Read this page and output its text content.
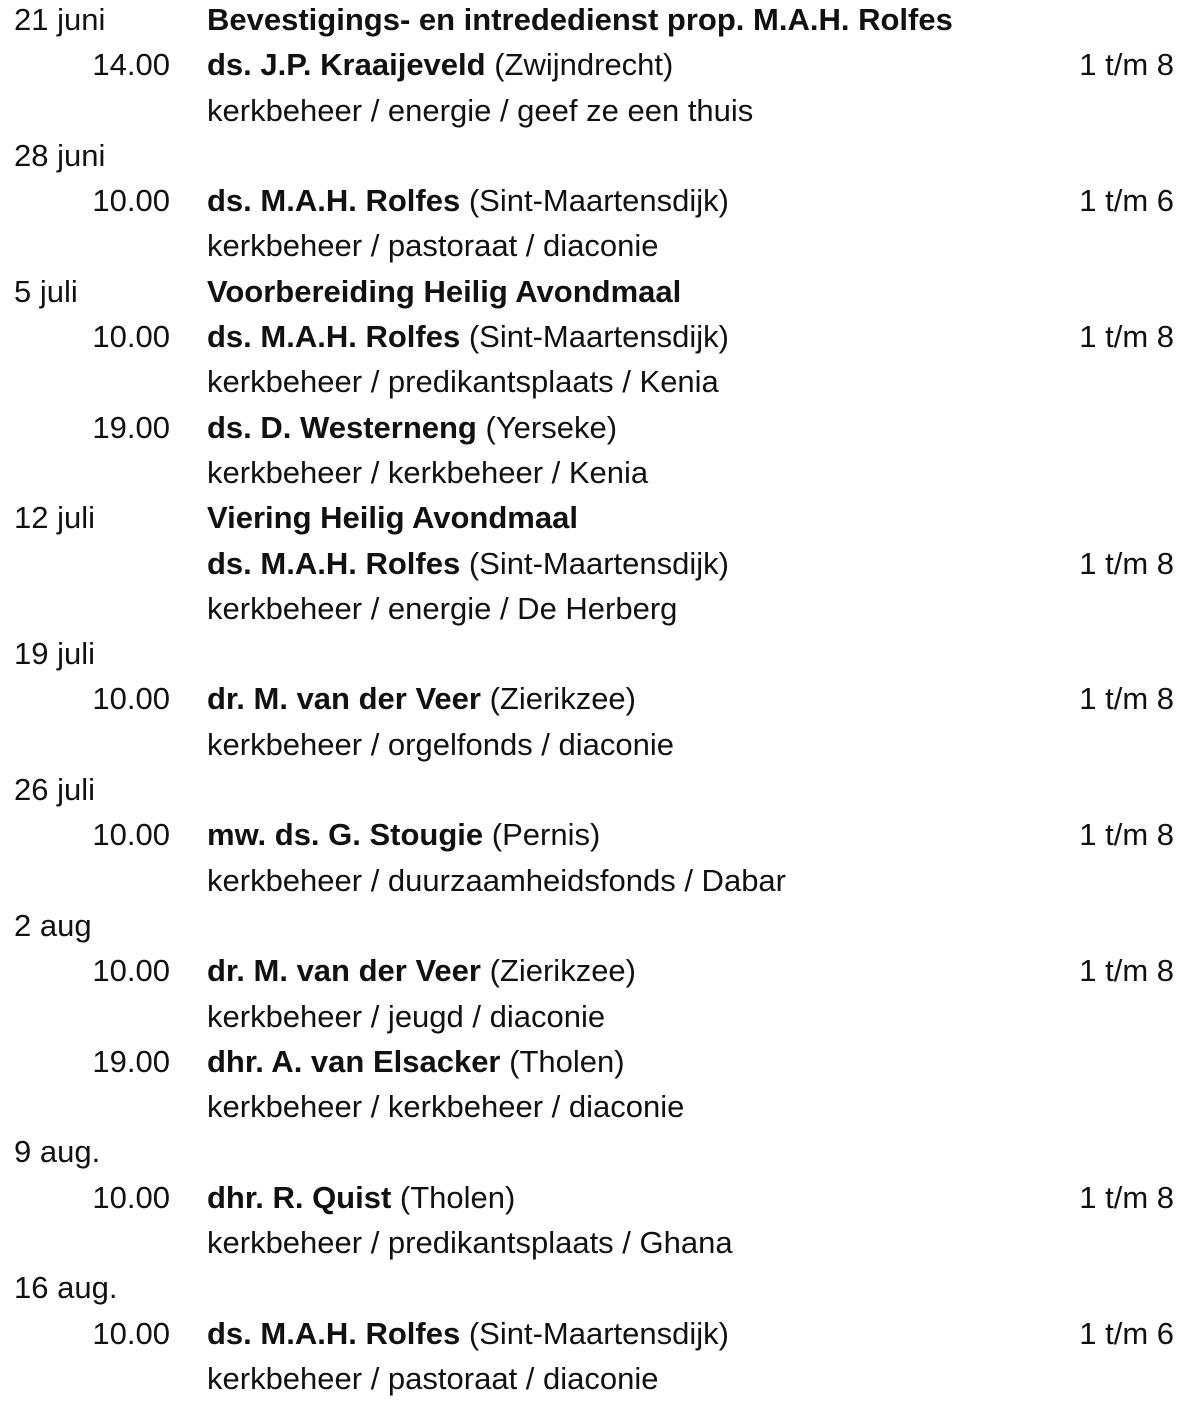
21 juni	Bevestigings- en intrededienst prop. M.A.H. Rolfes
14.00 ds. J.P. Kraaijeveld (Zwijndrecht)	1 t/m 8
kerkbeheer / energie / geef ze een thuis
28 juni
10.00 ds. M.A.H. Rolfes (Sint-Maartensdijk)	1 t/m 6
kerkbeheer / pastoraat / diaconie
5 juli	Voorbereiding Heilig Avondmaal
10.00 ds. M.A.H. Rolfes (Sint-Maartensdijk)	1 t/m 8
kerkbeheer / predikantsplaats / Kenia
19.00 ds. D. Westerneng (Yerseke)
kerkbeheer / kerkbeheer / Kenia
12 juli	Viering Heilig Avondmaal
ds. M.A.H. Rolfes (Sint-Maartensdijk)	1 t/m 8
kerkbeheer / energie / De Herberg
19 juli
10.00 dr. M. van der Veer (Zierikzee)	1 t/m 8
kerkbeheer / orgelfonds / diaconie
26 juli
10.00 mw. ds. G. Stougie (Pernis)	1 t/m 8
kerkbeheer / duurzaamheidsfonds / Dabar
2 aug
10.00 dr. M. van der Veer (Zierikzee)	1 t/m 8
kerkbeheer / jeugd / diaconie
19.00 dhr. A. van Elsacker (Tholen)
kerkbeheer / kerkbeheer / diaconie
9 aug.
10.00 dhr. R. Quist (Tholen)	1 t/m 8
kerkbeheer / predikantsplaats / Ghana
16 aug.
10.00 ds. M.A.H. Rolfes (Sint-Maartensdijk)	1 t/m 6
kerkbeheer / pastoraat / diaconie
